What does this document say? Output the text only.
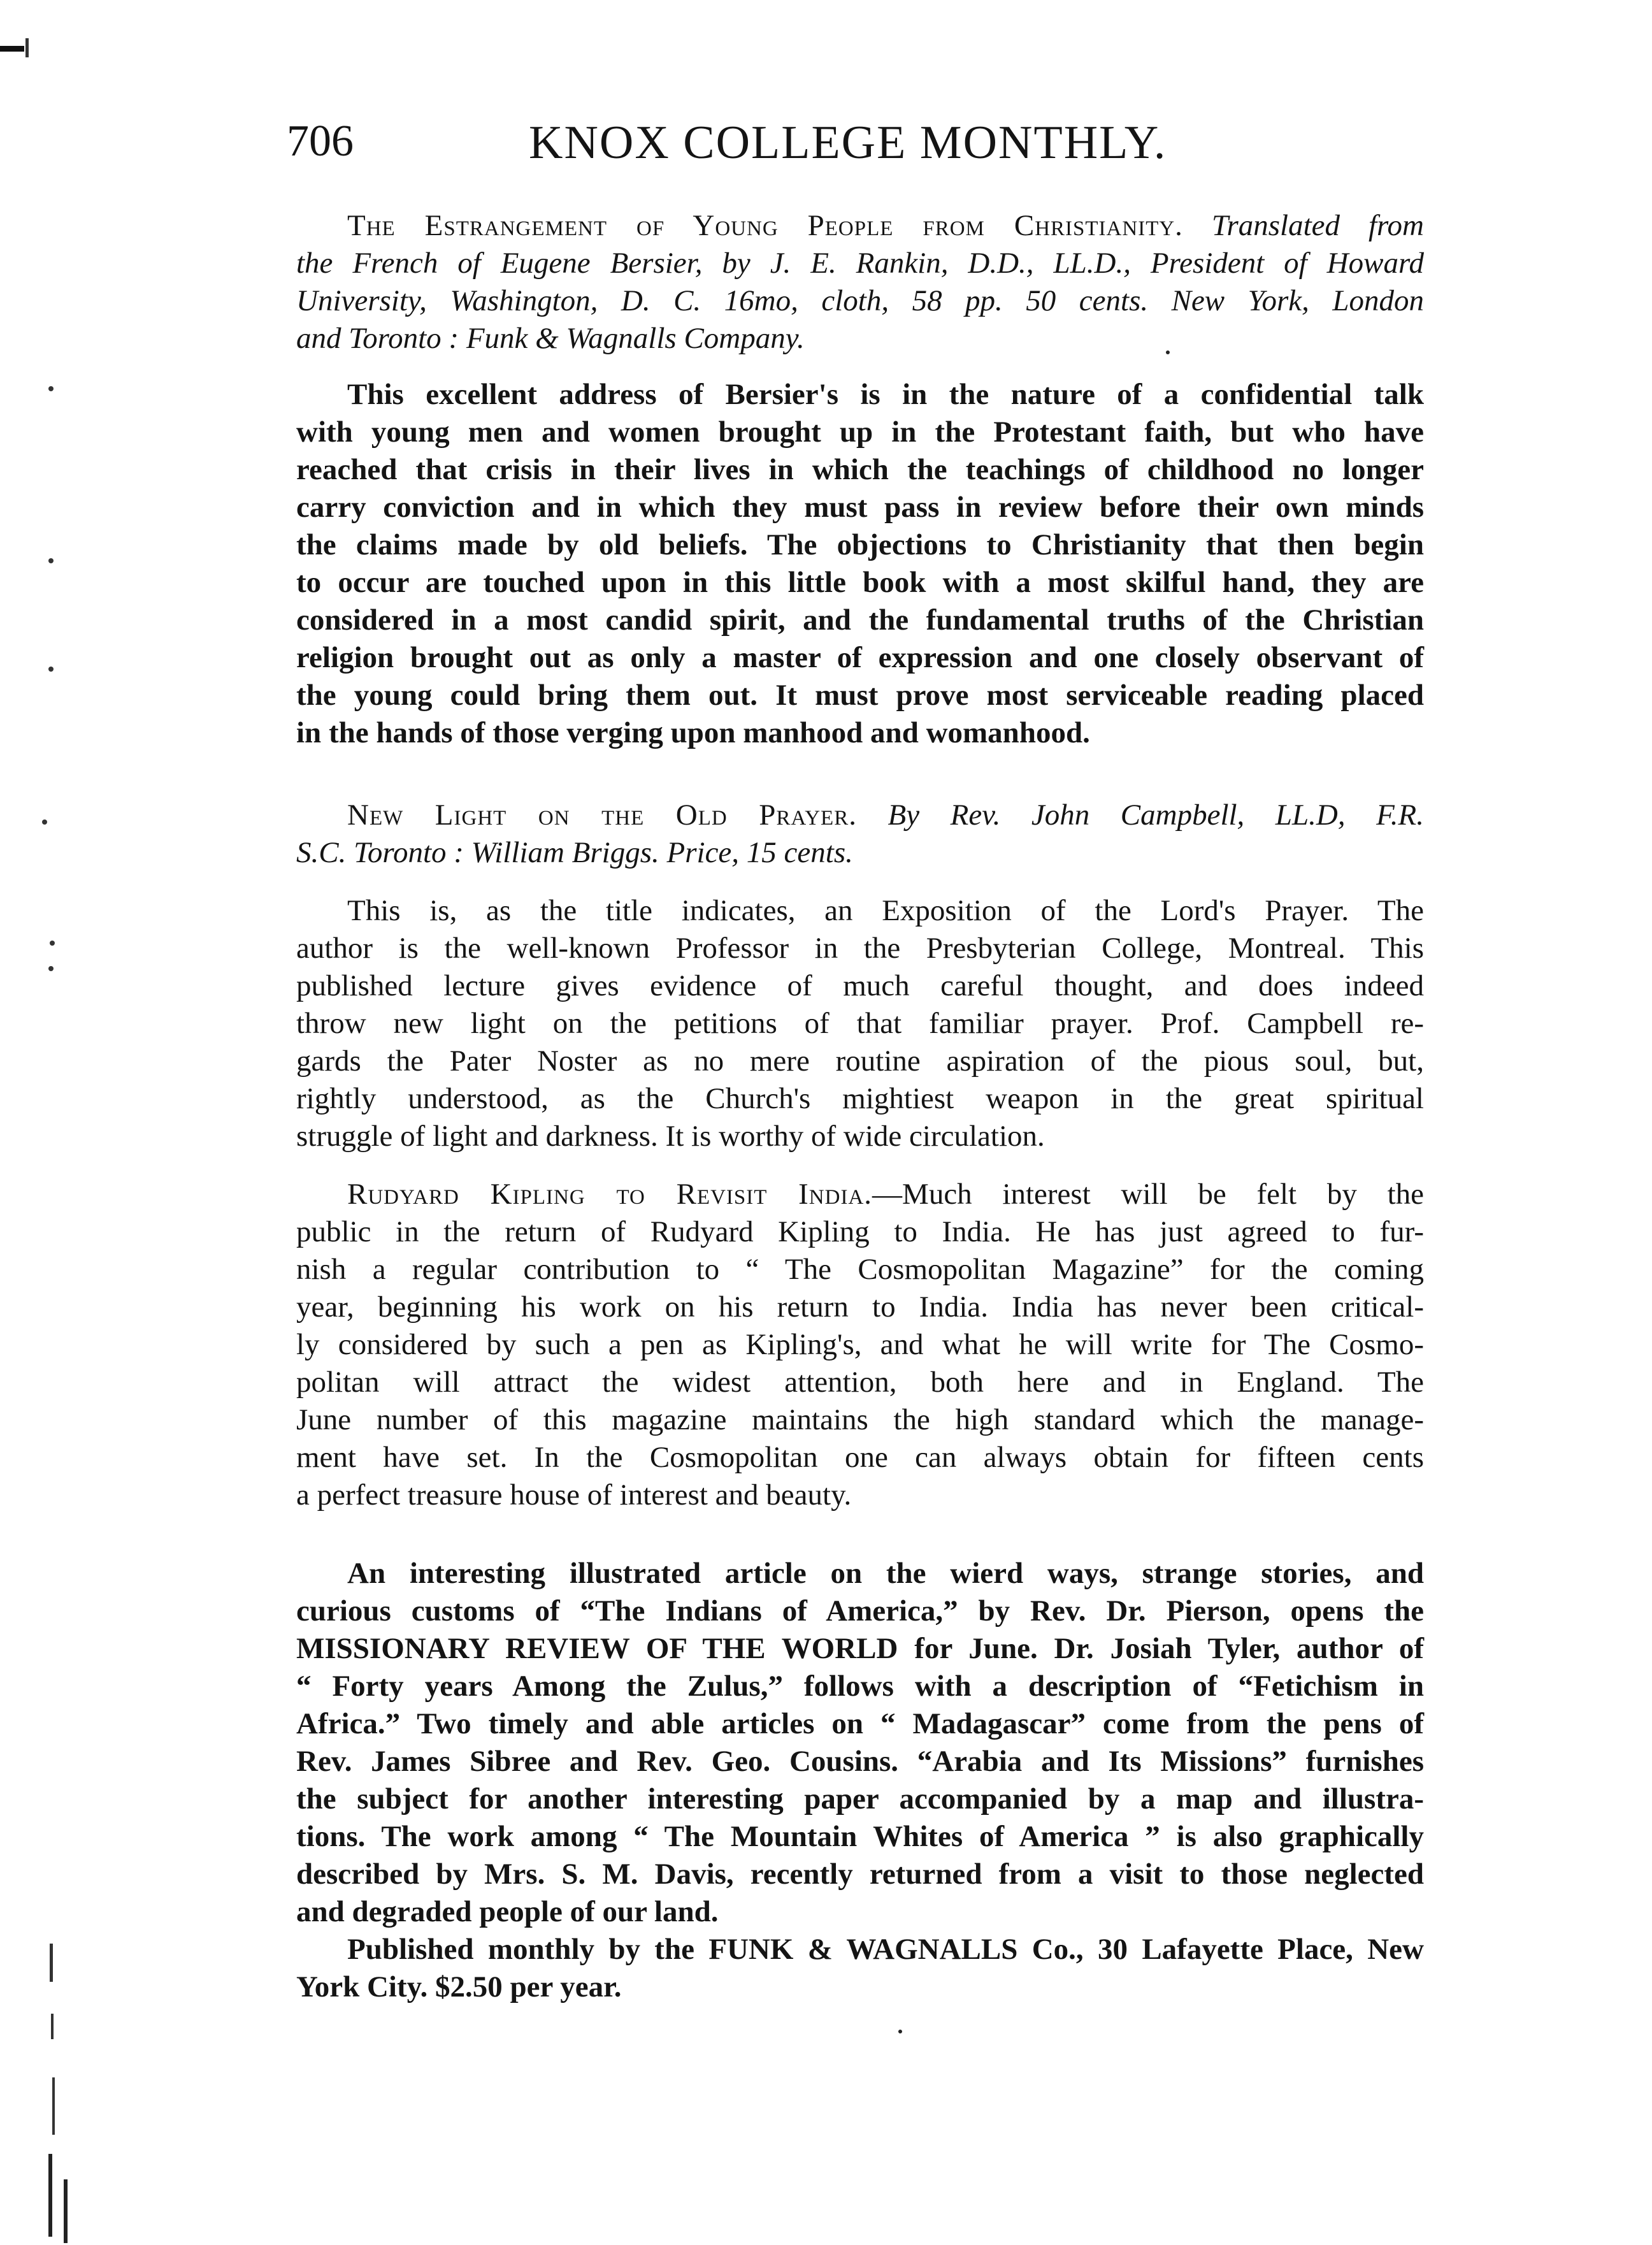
706	KNOX COLLEGE MONTHLY.
The Estrangement of Young People from Christianity. Translated from
the French of Eugene Bersier, by J. E. Rankin, D.D., LL.D., President of Howard
University, Washington, D. C. 16mo, cloth, 58 pp. 50 cents. New York, London
and Toronto : Funk & Wagnalls Company.
This excellent address of Bersier's is in the nature of a confidential talk
with young men and women brought up in the Protestant faith, but who have
reached that crisis in their lives in which the teachings of childhood no longer
carry conviction and in which they must pass in review before their own minds
the claims made by old beliefs. The objections to Christianity that then begin
to occur are touched upon in this little book with a most skilful hand, they are
considered in a most candid spirit, and the fundamental truths of the Christian
religion brought out as only a master of expression and one closely observant of
the young could bring them out. It must prove most serviceable reading placed
in the hands of those verging upon manhood and womanhood.
New Light on the Old Prayer. By Rev. John Campbell, LL.D, F.R.
S.C. Toronto : William Briggs. Price, 15 cents.
This is, as the title indicates, an Exposition of the Lord's Prayer. The
author is the well-known Professor in the Presbyterian College, Montreal. This
published lecture gives evidence of much careful thought, and does indeed
throw new light on the petitions of that familiar prayer. Prof. Campbell re-
gards the Pater Noster as no mere routine aspiration of the pious soul, but,
rightly understood, as the Church's mightiest weapon in the great spiritual
struggle of light and darkness. It is worthy of wide circulation.
Rudyard Kipling to Revisit India.—Much interest will be felt by the
public in the return of Rudyard Kipling to India. He has just agreed to fur-
nish a regular contribution to “ The Cosmopolitan Magazine” for the coming
year, beginning his work on his return to India. India has never been critical-
ly considered by such a pen as Kipling's, and what he will write for The Cosmo-
politan will attract the widest attention, both here and in England. The
June number of this magazine maintains the high standard which the manage-
ment have set. In the Cosmopolitan one can always obtain for fifteen cents
a perfect treasure house of interest and beauty.
An interesting illustrated article on the wierd ways, strange stories, and
curious customs of “The Indians of America,” by Rev. Dr. Pierson, opens the
MISSIONARY REVIEW OF THE WORLD for June. Dr. Josiah Tyler, author of
“ Forty years Among the Zulus,” follows with a description of “Fetichism in
Africa.” Two timely and able articles on “ Madagascar” come from the pens of
Rev. James Sibree and Rev. Geo. Cousins. “Arabia and Its Missions” furnishes
the subject for another interesting paper accompanied by a map and illustra-
tions. The work among “ The Mountain Whites of America ” is also graphically
described by Mrs. S. M. Davis, recently returned from a visit to those neglected
and degraded people of our land.
Published monthly by the FUNK & WAGNALLS Co., 30 Lafayette Place, New
York City. $2.50 per year.
